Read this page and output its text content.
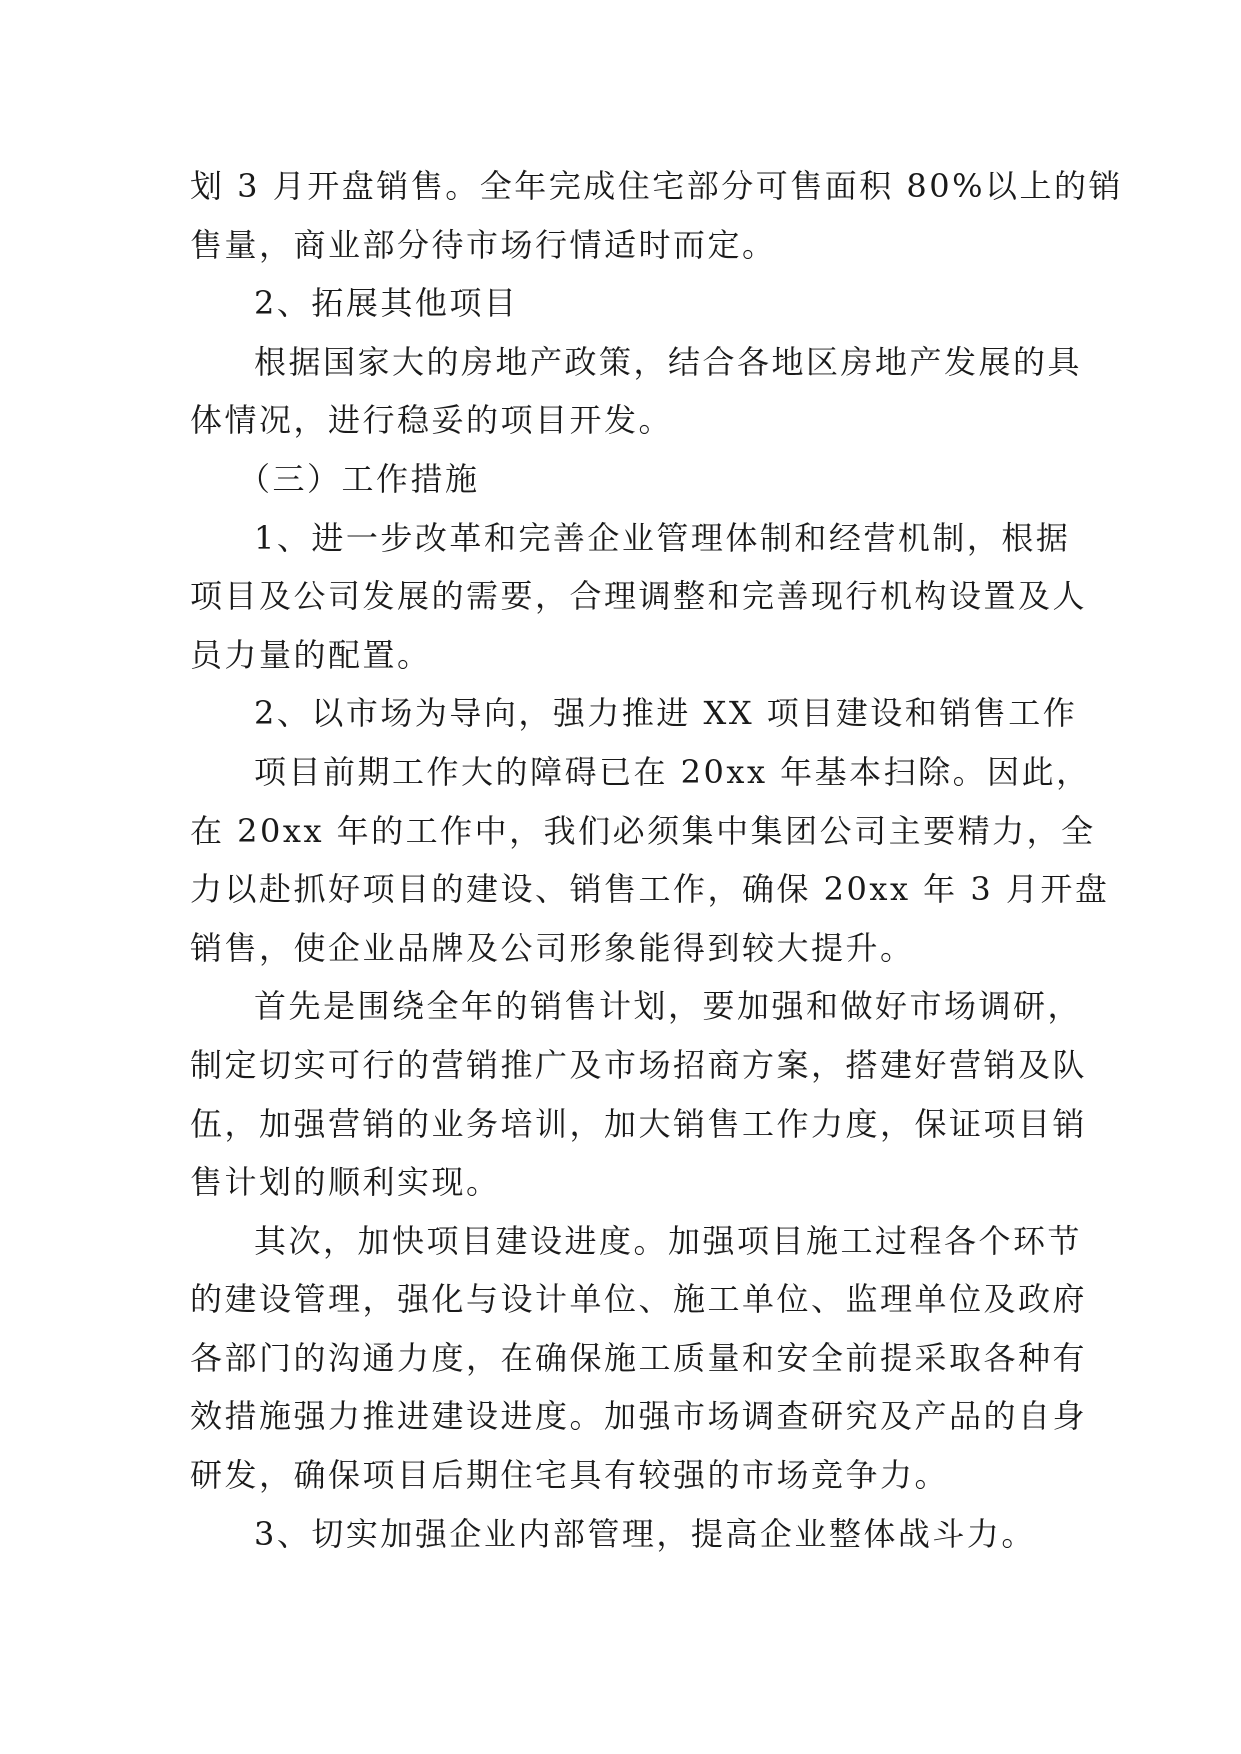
划 3 月开盘销售。全年完成住宅部分可售面积 80%以上的销
售量，商业部分待市场行情适时而定。

2、拓展其他项目

根据国家大的房地产政策，结合各地区房地产发展的具
体情况，进行稳妥的项目开发。

（三）工作措施

1、进一步改革和完善企业管理体制和经营机制，根据
项目及公司发展的需要，合理调整和完善现行机构设置及人
员力量的配置。

2、以市场为导向，强力推进 XX 项目建设和销售工作

项目前期工作大的障碍已在 20xx 年基本扫除。因此，
在 20xx 年的工作中，我们必须集中集团公司主要精力，全
力以赴抓好项目的建设、销售工作，确保 20xx 年 3 月开盘
销售，使企业品牌及公司形象能得到较大提升。

首先是围绕全年的销售计划，要加强和做好市场调研，
制定切实可行的营销推广及市场招商方案，搭建好营销及队
伍，加强营销的业务培训，加大销售工作力度，保证项目销
售计划的顺利实现。

其次，加快项目建设进度。加强项目施工过程各个环节
的建设管理，强化与设计单位、施工单位、监理单位及政府
各部门的沟通力度，在确保施工质量和安全前提采取各种有
效措施强力推进建设进度。加强市场调查研究及产品的自身
研发，确保项目后期住宅具有较强的市场竞争力。

3、切实加强企业内部管理，提高企业整体战斗力。
